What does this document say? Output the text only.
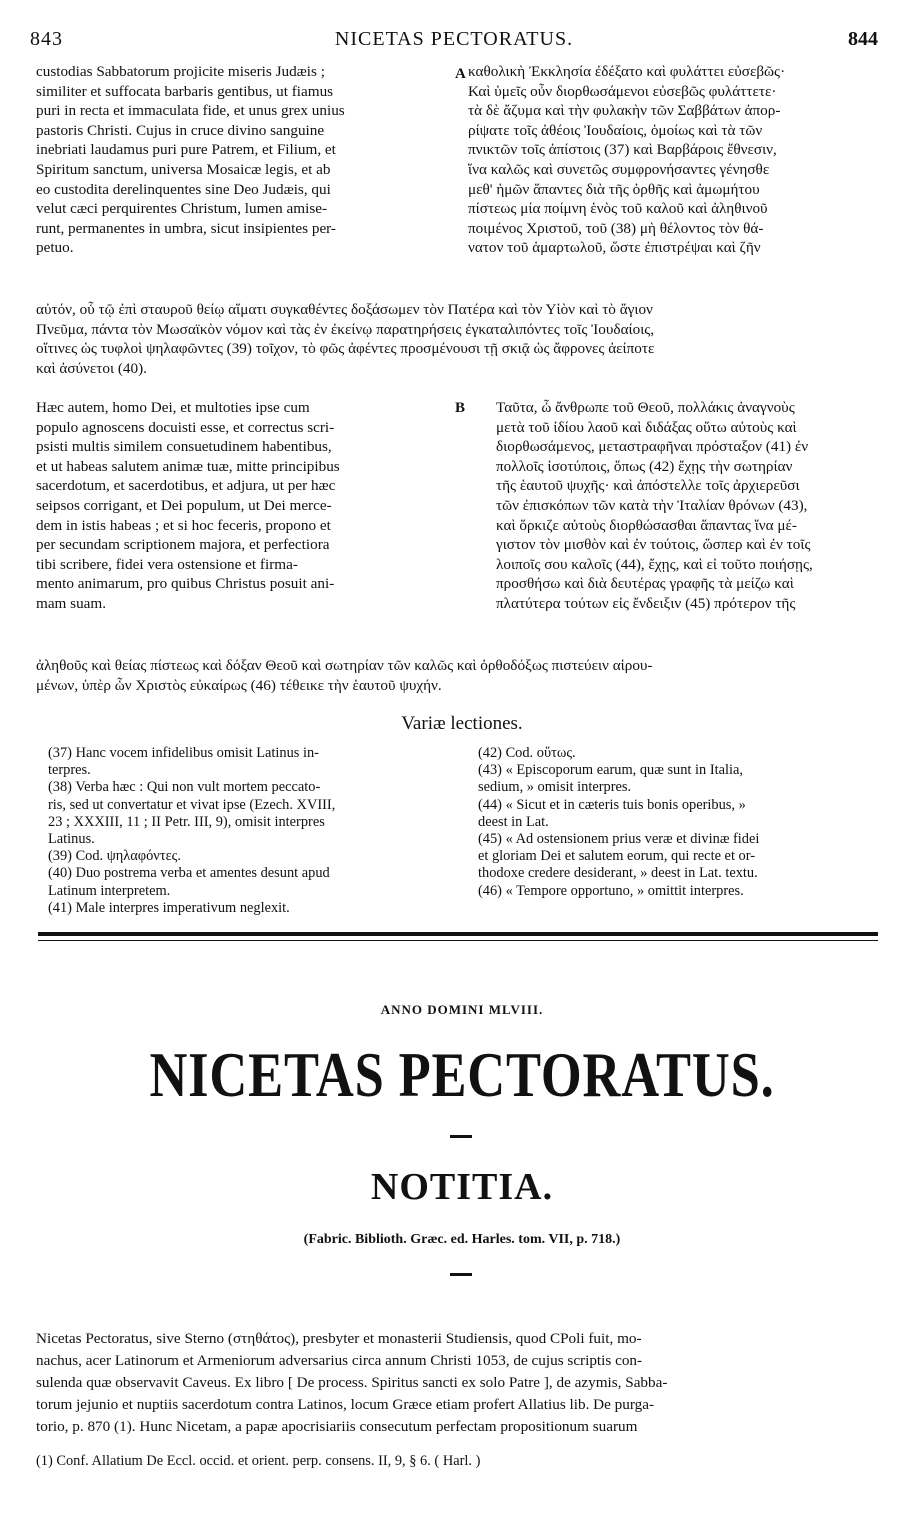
843	NICETAS PECTORATUS.	844
custodias Sabbatorum projicite miseris Judæis ;
similiter et suffocata barbaris gentibus, ut fiamus
puri in recta et immaculata fide, et unus grex unius
pastoris Christi. Cujus in cruce divino sanguine
inebriati laudamus puri pure Patrem, et Filium, et
Spiritum sanctum, universa Mosaicæ legis, et ab
eo custodita derelinquentes sine Deo Judæis, qui
velut cæci perquirentes Christum, lumen amise-
runt, permanentes in umbra, sicut insipientes per-
petuo.
A καθολικὴ Ἐκκλησία ἐδέξατο καὶ φυλάττει εὐσεβῶς·
Καὶ ὑμεῖς οὖν διορθωσάμενοι εὐσεβῶς φυλάττετε·
τὰ δὲ ἄζυμα καὶ τὴν φυλακὴν τῶν Σαββάτων ἀπορ-
ρίψατε τοῖς ἀθέοις Ἰουδαίοις, ὁμοίως καὶ τὰ τῶν
πνικτῶν τοῖς ἀπίστοις (37) καὶ Βαρβάροις ἔθνεσιν,
ἵνα καλῶς καὶ συνετῶς συμφρονήσαντες γένησθε
μεθ' ἡμῶν ἅπαντες διὰ τῆς ὀρθῆς καὶ ἀμωμήτου
πίστεως μία ποίμνη ἑνὸς τοῦ καλοῦ καὶ ἀληθινοῦ
ποιμένος Χριστοῦ, τοῦ (38) μὴ θέλοντος τὸν θά-
νατον τοῦ ἁμαρτωλοῦ, ὥστε ἐπιστρέψαι καὶ ζῆν
αὐτόν, οὗ τῷ ἐπὶ σταυροῦ θείῳ αἵματι συγκαθέντες δοξάσωμεν τὸν Πατέρα καὶ τὸν Υἱὸν καὶ τὸ ἅγιον
Πνεῦμα, πάντα τὸν Μωσαϊκὸν νόμον καὶ τὰς ἐν ἐκείνῳ παρατηρήσεις ἐγκαταλιπόντες τοῖς Ἰουδαίοις,
οἵτινες ὡς τυφλοὶ ψηλαφῶντες (39) τοῖχον, τὸ φῶς ἀφέντες προσμένουσι τῇ σκιᾷ ὡς ἄφρονες ἀείποτε
καὶ ἀσύνετοι (40).
Hæc autem, homo Dei, et multoties ipse cum
populo agnoscens docuisti esse, et correctus scri-
psisti multis similem consuetudinem habentibus,
et ut habeas salutem animæ tuæ, mitte principibus
sacerdotum, et sacerdotibus, et adjura, ut per hæc
seipsos corrigant, et Dei populum, ut Dei merce-
dem in istis habeas ; et si hoc feceris, propono et
per secundam scriptionem majora, et perfectiora
tibi scribere, fidei vera ostensione et firma-
mento animarum, pro quibus Christus posuit ani-
mam suam.
B Ταῦτα, ὦ ἄνθρωπε τοῦ Θεοῦ, πολλάκις ἀναγνοὺς
μετὰ τοῦ ἰδίου λαοῦ καὶ διδάξας οὕτω αὐτοὺς καὶ
διορθωσάμενος, μεταστραφῆναι πρόσταξον (41) ἐν
πολλοῖς ἰσοτύποις, ὅπως (42) ἔχῃς τὴν σωτηρίαν
τῆς ἑαυτοῦ ψυχῆς· καὶ ἀπόστελλε τοῖς ἀρχιερεῦσι
τῶν ἐπισκόπων τῶν κατὰ τὴν Ἰταλίαν θρόνων (43),
καὶ ὅρκιζε αὐτοὺς διορθώσασθαι ἅπαντας ἵνα μέ-
γιστον τὸν μισθὸν καὶ ἐν τούτοις, ὥσπερ καὶ ἐν τοῖς
λοιποῖς σου καλοῖς (44), ἔχῃς, καὶ εἰ τοῦτο ποιήσῃς,
προσθήσω καὶ διὰ δευτέρας γραφῆς τὰ μείζω καὶ
πλατύτερα τούτων εἰς ἔνδειξιν (45) πρότερον τῆς
ἀληθοῦς καὶ θείας πίστεως καὶ δόξαν Θεοῦ καὶ σωτηρίαν τῶν καλῶς καὶ ὀρθοδόξως πιστεύειν αἱρου-
μένων, ὑπὲρ ὧν Χριστὸς εὐκαίρως (46) τέθεικε τὴν ἑαυτοῦ ψυχήν.
Variæ lectiones.
(37) Hanc vocem infidelibus omisit Latinus in-
terpres.
(38) Verba hæc : Qui non vult mortem peccato-
ris, sed ut convertatur et vivat ipse (Ezech. XVIII,
23 ; XXXIII, 11 ; II Petr. III, 9), omisit interpres
Latinus.
(39) Cod. ψηλαφόντες.
(40) Duo postrema verba et amentes desunt apud
Latinum interpretem.
(41) Male interpres imperativum neglexit.
(42) Cod. οὕτως.
(43) « Episcoporum earum, quæ sunt in Italia,
sedium, » omisit interpres.
(44) « Sicut et in cæteris tuis bonis operibus, »
deest in Lat.
(45) « Ad ostensionem prius veræ et divinæ fidei
et gloriam Dei et salutem eorum, qui recte et or-
thodoxe credere desiderant, » deest in Lat. textu.
(46) « Tempore opportuno, » omittit interpres.
ANNO DOMINI MLVIII.
NICETAS PECTORATUS.
NOTITIA.
(Fabric. Biblioth. Græc. ed. Harles. tom. VII, p. 718.)
Nicetas Pectoratus, sive Sterno (στηθάτος), presbyter et monasterii Studiensis, quod CPoli fuit, mo-
nachus, acer Latinorum et Armeniorum adversarius circa annum Christi 1053, de cujus scriptis con-
sulenda quæ observavit Caveus. Ex libro [ De process. Spiritus sancti ex solo Patre ], de azymis, Sabba-
torum jejunio et nuptiis sacerdotum contra Latinos, locum Græce etiam profert Allatius lib. De purga-
torio, p. 870 (1). Hunc Nicetam, a papæ apocrisiariis consecutum perfectam propositionum suarum
(1) Conf. Allatium De Eccl. occid. et orient. perp. consens. II, 9, § 6. ( Harl. )
